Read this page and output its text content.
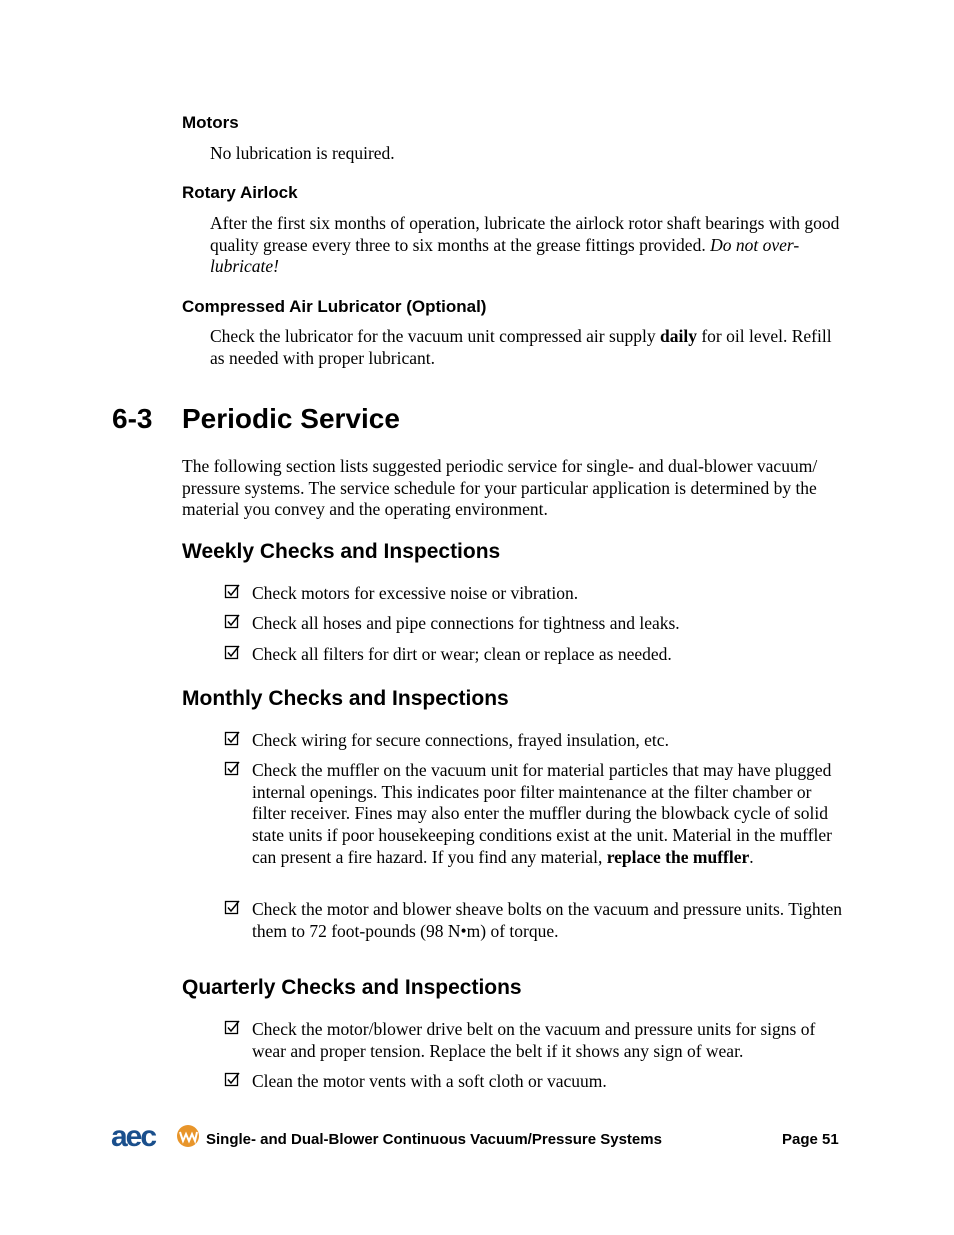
Motors

No lubrication is required.

Rotary Airlock

After the first six months of operation, lubricate the airlock rotor shaft bearings with good quality grease every three to six months at the grease fittings provided. Do not over-lubricate!

Compressed Air Lubricator (Optional)

Check the lubricator for the vacuum unit compressed air supply daily for oil level. Refill as needed with proper lubricant.

6-3 Periodic Service

The following section lists suggested periodic service for single- and dual-blower vacuum/ pressure systems. The service schedule for your particular application is determined by the material you convey and the operating environment.

Weekly Checks and Inspections

Check motors for excessive noise or vibration.

Check all hoses and pipe connections for tightness and leaks.

Check all filters for dirt or wear; clean or replace as needed.

Monthly Checks and Inspections

Check wiring for secure connections, frayed insulation, etc.

Check the muffler on the vacuum unit for material particles that may have plugged internal openings. This indicates poor filter maintenance at the filter chamber or filter receiver. Fines may also enter the muffler during the blowback cycle of solid state units if poor housekeeping conditions exist at the unit. Material in the muffler can present a fire hazard. If you find any material, replace the muffler.

Check the motor and blower sheave bolts on the vacuum and pressure units. Tighten them to 72 foot-pounds (98 N•m) of torque.

Quarterly Checks and Inspections

Check the motor/blower drive belt on the vacuum and pressure units for signs of wear and proper tension. Replace the belt if it shows any sign of wear.

Clean the motor vents with a soft cloth or vacuum.

aec	Single- and Dual-Blower Continuous Vacuum/Pressure Systems	Page 51
